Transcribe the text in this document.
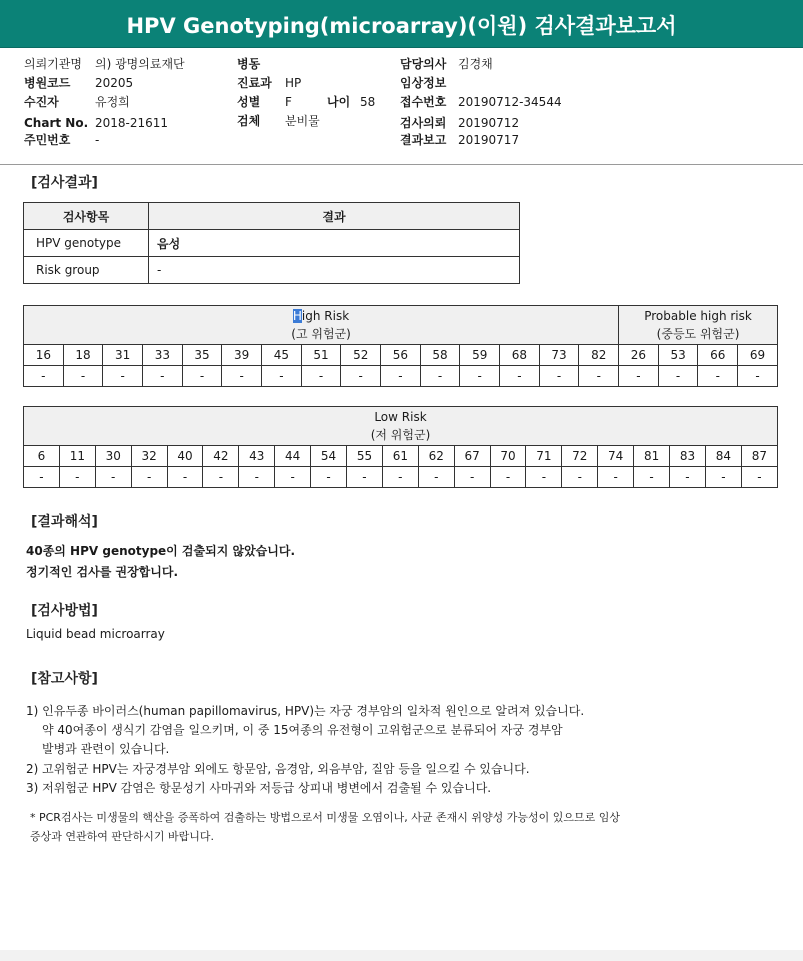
HPV Genotyping(microarray)(이원) 검사결과보고서
의뢰기관명 의) 광명의료재단
병원코드 20205
수진자	유정희
Chart No. 2018-21611
주민번호 -
병동
진료과 HP
성별 F	나이 58
검체 분비물
담당의사 김경채
임상정보
접수번호 20190712-34544
검사의뢰 20190712
결과보고 20190717
[검사결과]
검사항목	결과
HPV genotype	음성
Risk group	-
High Risk
(고 위험군)															Probable high risk
(중등도 위험군)			
16	18	31	33	35	39	45	51	52	56	58	59	68	73	82	26	53	66	69
-	-	-	-	-	-	-	-	-	-	-	-	-	-	-	-	-	-	-
Low Risk
(저 위험군)																				
6	11	30	32	40	42	43	44	54	55	61	62	67	70	71	72	74	81	83	84	87
-	-	-	-	-	-	-	-	-	-	-	-	-	-	-	-	-	-	-	-	-
[결과해석]
40종의 HPV genotype이 검출되지 않았습니다.
정기적인 검사를 권장합니다.
[검사방법]
Liquid bead microarray
[참고사항]
1) 인유두종 바이러스(human papillomavirus, HPV)는 자궁 경부암의 일차적 원인으로 알려져 있습니다.
약 40여종이 생식기 감염을 일으키며, 이 중 15여종의 유전형이 고위험군으로 분류되어 자궁 경부암
발병과 관련이 있습니다.
2) 고위험군 HPV는 자궁경부암 외에도 항문암, 음경암, 외음부암, 질암 등을 일으킬 수 있습니다.
3) 저위험군 HPV 감염은 항문성기 사마귀와 저등급 상피내 병변에서 검출될 수 있습니다.
* PCR검사는 미생물의 핵산을 증폭하여 검출하는 방법으로서 미생물 오염이나, 사균 존재시 위양성 가능성이 있으므로 임상
증상과 연관하여 판단하시기 바랍니다.
